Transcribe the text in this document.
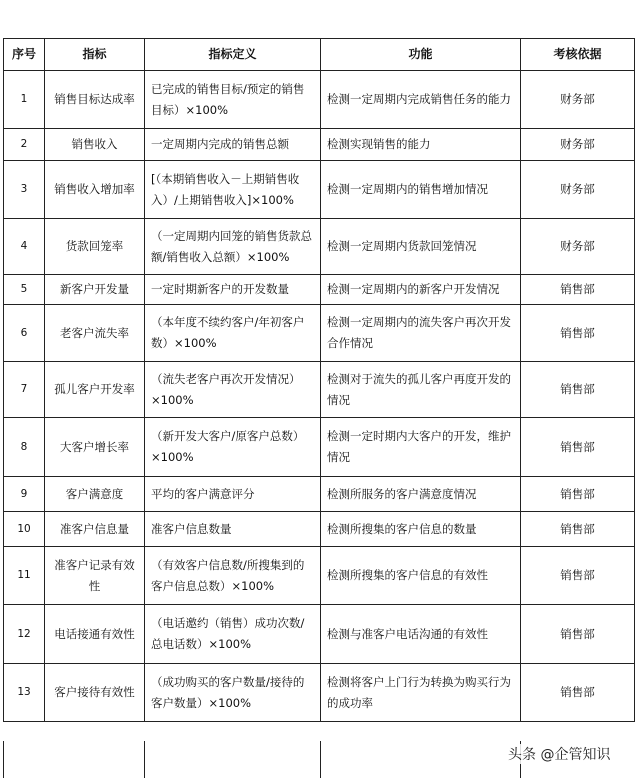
序号	指标	指标定义	功能	考核依据
1	销售目标达成率	已完成的销售目标/预定的销售目标）×100%	检测一定周期内完成销售任务的能力	财务部
2	销售收入	一定周期内完成的销售总额	检测实现销售的能力	财务部
3	销售收入增加率	[（本期销售收入－上期销售收入）/上期销售收入]×100%	检测一定周期内的销售增加情况	财务部
4	货款回笼率	（一定周期内回笼的销售货款总额/销售收入总额）×100%	检测一定周期内货款回笼情况	财务部
5	新客户开发量	一定时期新客户的开发数量	检测一定周期内的新客户开发情况	销售部
6	老客户流失率	（本年度不续约客户/年初客户数）×100%	检测一定周期内的流失客户再次开发合作情况	销售部
7	孤儿客户开发率	（流失老客户再次开发情况）×100%	检测对于流失的孤儿客户再度开发的情况	销售部
8	大客户增长率	（新开发大客户/原客户总数）×100%	检测一定时期内大客户的开发，维护情况	销售部
9	客户满意度	平均的客户满意评分	检测所服务的客户满意度情况	销售部
10	准客户信息量	准客户信息数量	检测所搜集的客户信息的数量	销售部
11	准客户记录有效性	（有效客户信息数/所搜集到的客户信息总数）×100%	检测所搜集的客户信息的有效性	销售部
12	电话接通有效性	（电话邀约（销售）成功次数/总电话数）×100%	检测与准客户电话沟通的有效性	销售部
13	客户接待有效性	（成功购买的客户数量/接待的客户数量）×100%	检测将客户上门行为转换为购买行为的成功率	销售部
头条 @企管知识
